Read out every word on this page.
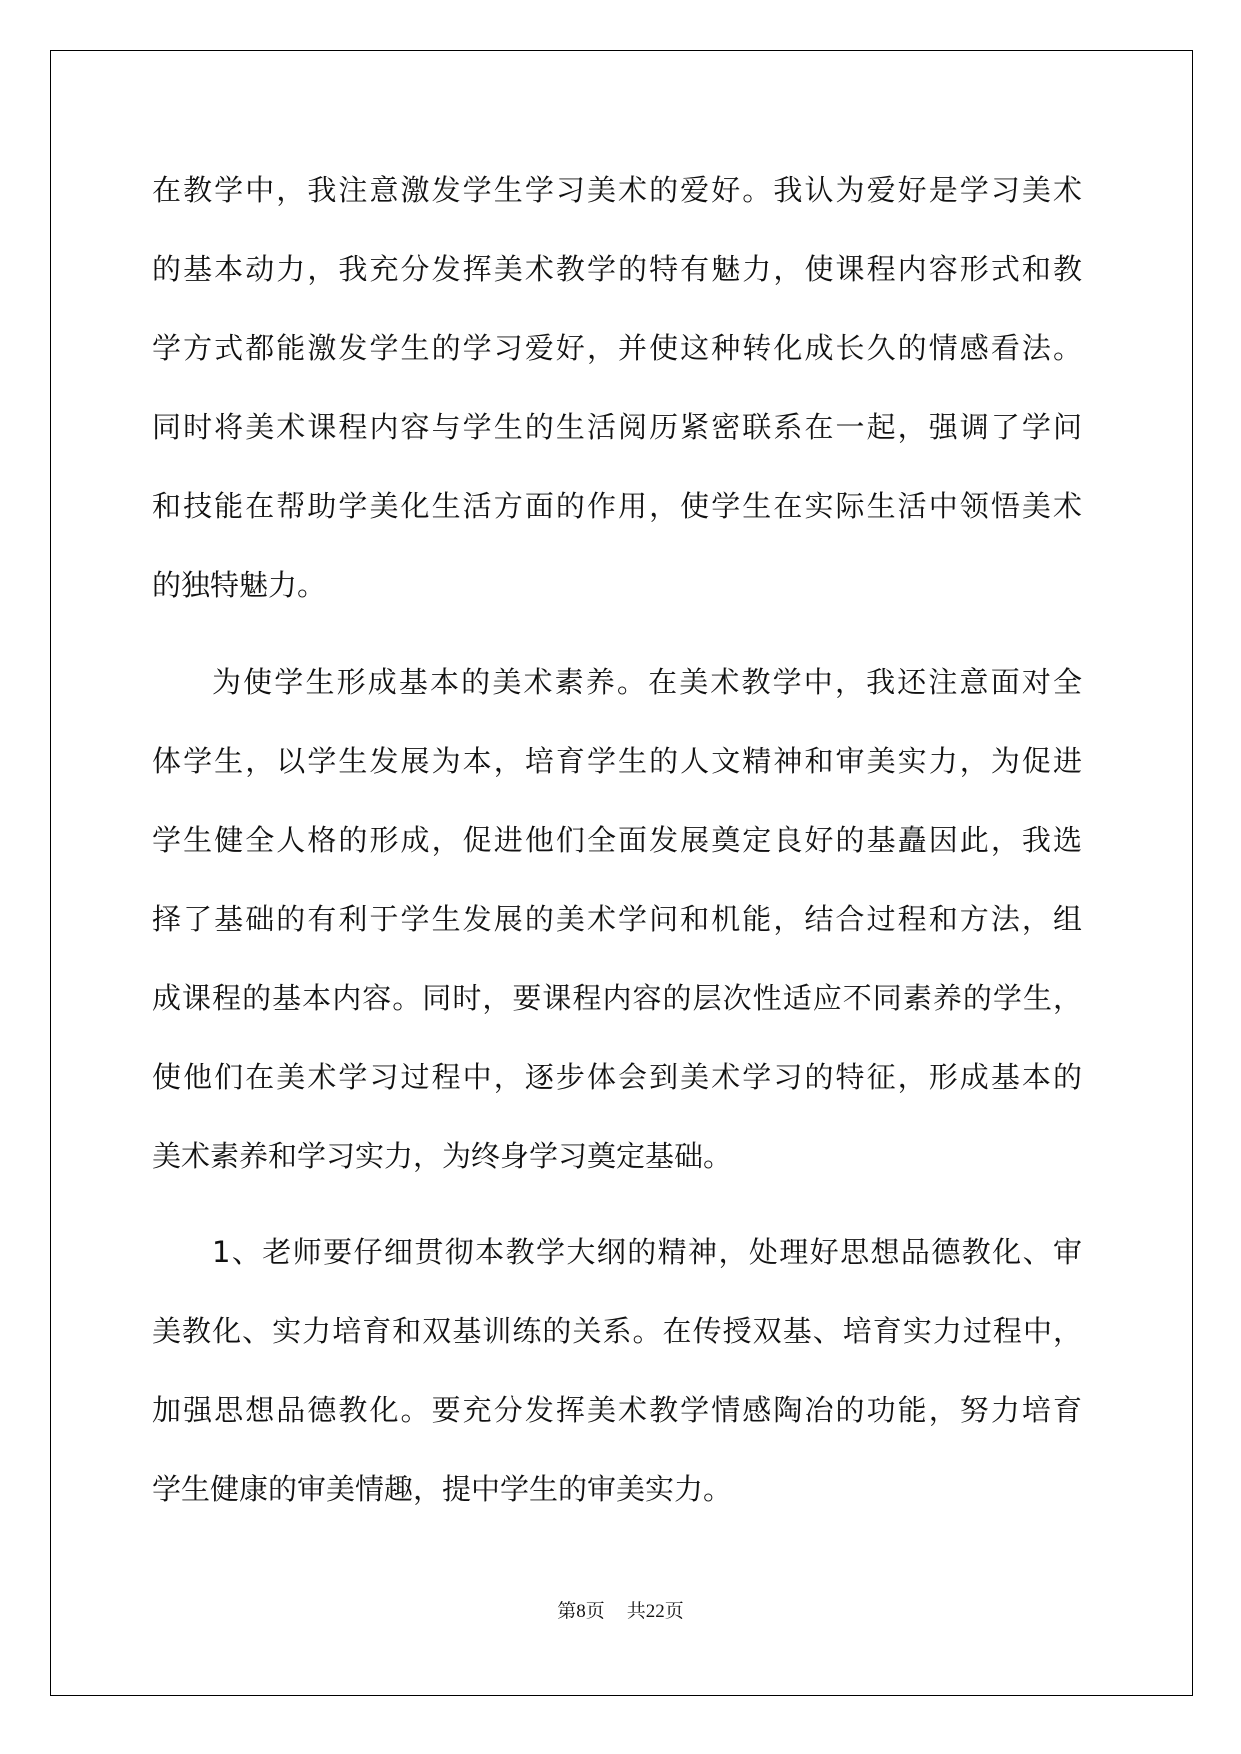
在教学中，我注意激发学生学习美术的爱好。我认为爱好是学习美术
的基本动力，我充分发挥美术教学的特有魅力，使课程内容形式和教
学方式都能激发学生的学习爱好，并使这种转化成长久的情感看法。
同时将美术课程内容与学生的生活阅历紧密联系在一起，强调了学问
和技能在帮助学美化生活方面的作用，使学生在实际生活中领悟美术
的独特魅力。
为使学生形成基本的美术素养。在美术教学中，我还注意面对全
体学生，以学生发展为本，培育学生的人文精神和审美实力，为促进
学生健全人格的形成，促进他们全面发展奠定良好的基矗因此，我选
择了基础的有利于学生发展的美术学问和机能，结合过程和方法，组
成课程的基本内容。同时，要课程内容的层次性适应不同素养的学生，
使他们在美术学习过程中，逐步体会到美术学习的特征，形成基本的
美术素养和学习实力，为终身学习奠定基础。
1、老师要仔细贯彻本教学大纲的精神，处理好思想品德教化、审
美教化、实力培育和双基训练的关系。在传授双基、培育实力过程中，
加强思想品德教化。要充分发挥美术教学情感陶冶的功能，努力培育
学生健康的审美情趣，提中学生的审美实力。
第8页 共22页
